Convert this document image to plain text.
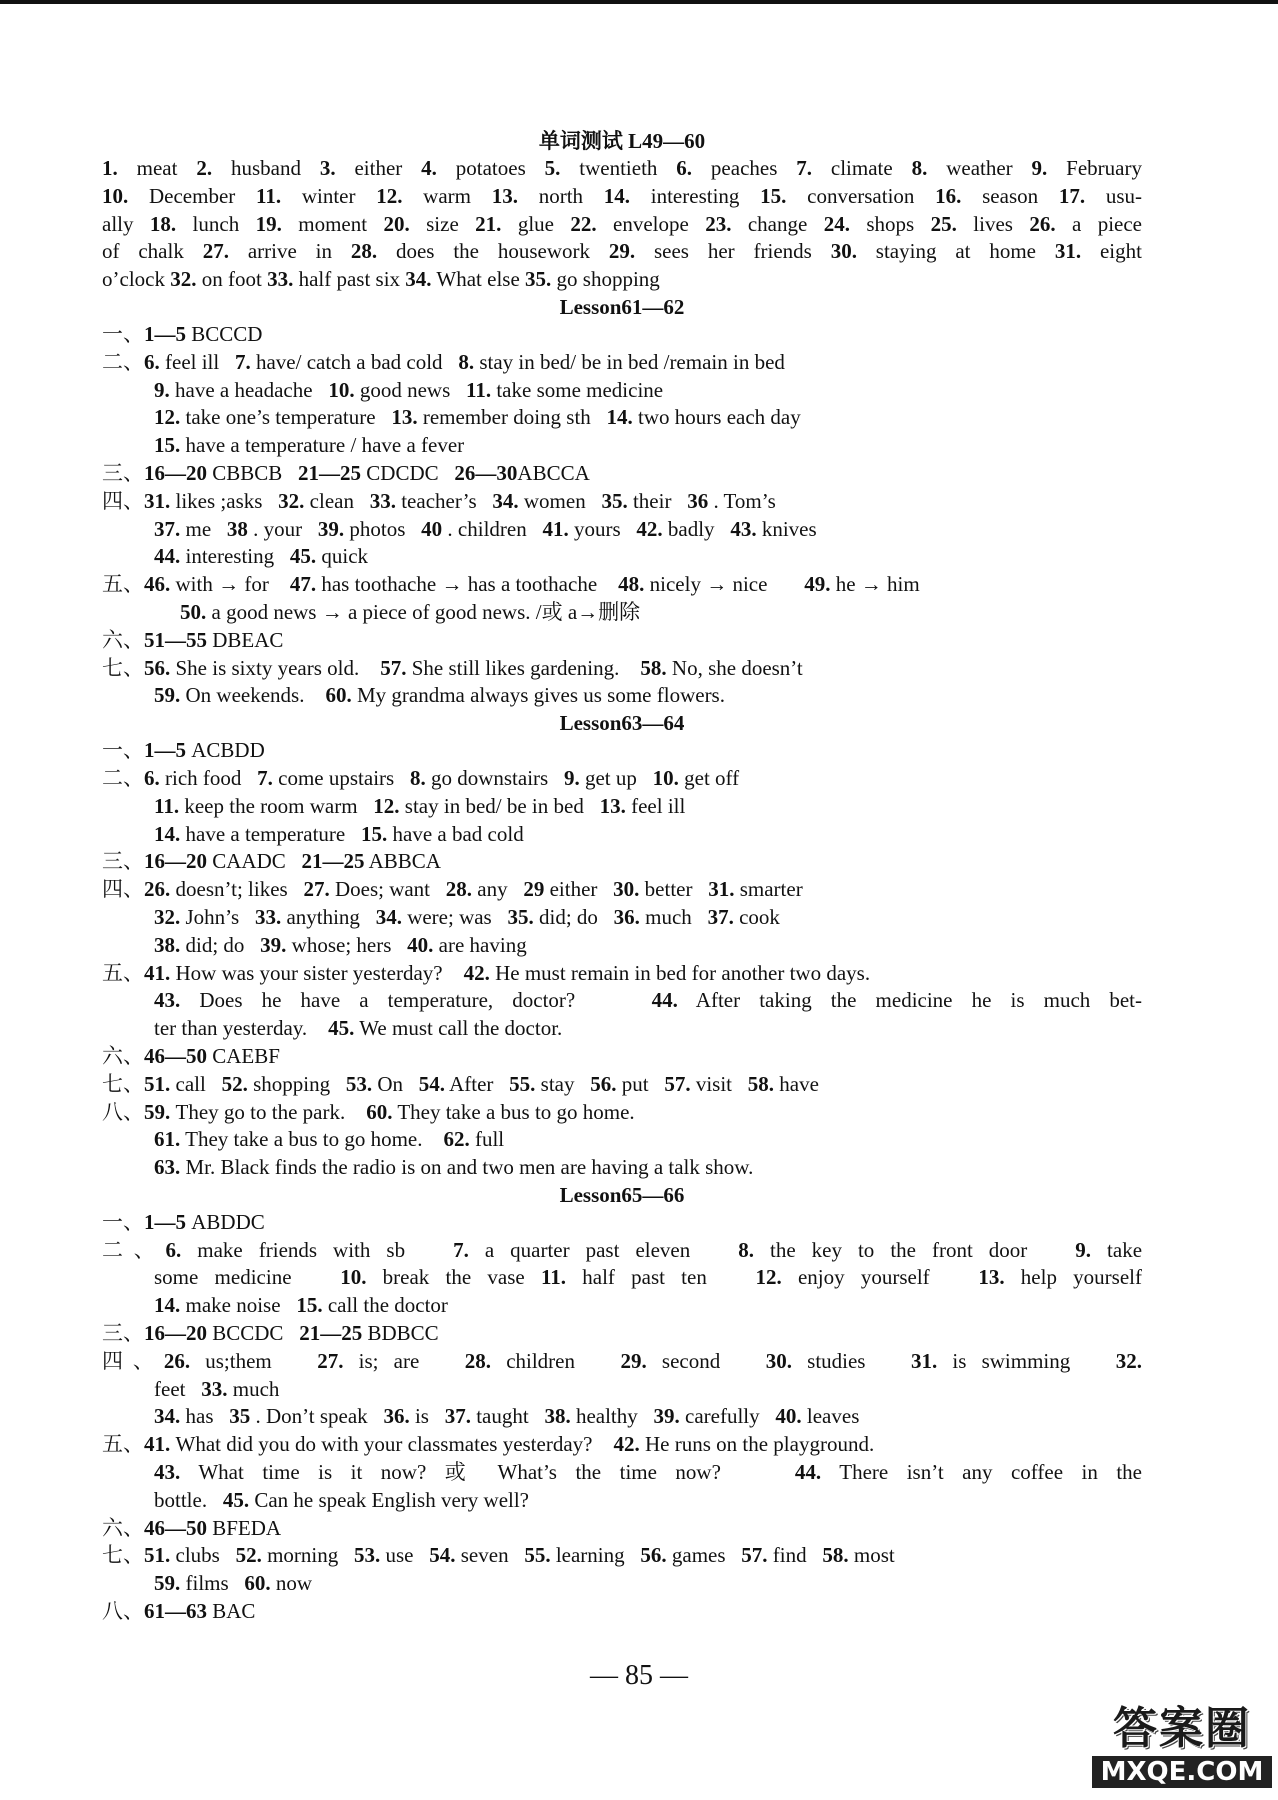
单词测试 L49—60
1. meat 2. husband 3. either 4. potatoes 5. twentieth 6. peaches 7. climate 8. weather 9. February
10. December 11. winter 12. warm 13. north 14. interesting 15. conversation 16. season 17. usu-
ally 18. lunch 19. moment 20. size 21. glue 22. envelope 23. change 24. shops 25. lives 26. a piece
of chalk 27. arrive in 28. does the housework 29. sees her friends 30. staying at home 31. eight
o’clock 32. on foot 33. half past six 34. What else 35. go shopping
Lesson61—62
一、1—5 BCCCD
二、6. feel ill   7. have/ catch a bad cold   8. stay in bed/ be in bed /remain in bed
9. have a headache   10. good news   11. take some medicine
12. take one’s temperature   13. remember doing sth   14. two hours each day
15. have a temperature / have a fever
三、16—20 CBBCB   21—25 CDCDC   26—30ABCCA
四、31. likes ;asks   32. clean   33. teacher’s   34. women   35. their   36 . Tom’s
37. me   38 . your   39. photos   40 . children   41. yours   42. badly   43. knives
44. interesting   45. quick
五、46. with → for    47. has toothache → has a toothache    48. nicely → nice       49. he → him
50. a good news → a piece of good news. /或 a→删除
六、51—55 DBEAC
七、56. She is sixty years old.    57. She still likes gardening.    58. No, she doesn’t
59. On weekends.    60. My grandma always gives us some flowers.
Lesson63—64
一、1—5 ACBDD
二、6. rich food   7. come upstairs   8. go downstairs   9. get up   10. get off
11. keep the room warm   12. stay in bed/ be in bed   13. feel ill
14. have a temperature   15. have a bad cold
三、16—20 CAADC   21—25 ABBCA
四、26. doesn’t; likes   27. Does; want   28. any   29 either   30. better   31. smarter
32. John’s   33. anything   34. were; was   35. did; do   36. much   37. cook
38. did; do   39. whose; hers   40. are having
五、41. How was your sister yesterday?    42. He must remain in bed for another two days.
43. Does he have a temperature, doctor?    44. After taking the medicine he is much bet-
ter than yesterday.    45. We must call the doctor.
六、46—50 CAEBF
七、51. call   52. shopping   53. On   54. After   55. stay   56. put   57. visit   58. have
八、59. They go to the park.    60. They take a bus to go home.
61. They take a bus to go home.    62. full
63. Mr. Black finds the radio is on and two men are having a talk show.
Lesson65—66
一、1—5 ABDDC
二、6. make friends with sb   7. a quarter past eleven   8. the key to the front door   9. take
some medicine   10. break the vase 11. half past ten   12. enjoy yourself   13. help yourself
14. make noise   15. call the doctor
三、16—20 BCCDC   21—25 BDBCC
四、26. us;them   27. is; are   28. children   29. second   30. studies   31. is swimming   32.
feet   33. much
34. has   35 . Don’t speak   36. is   37. taught   38. healthy   39. carefully   40. leaves
五、41. What did you do with your classmates yesterday?    42. He runs on the playground.
43. What time is it now? 或 What’s the time now?    44. There isn’t any coffee in the
bottle.   45. Can he speak English very well?
六、46—50 BFEDA
七、51. clubs   52. morning   53. use   54. seven   55. learning   56. games   57. find   58. most
59. films   60. now
八、61—63 BAC
— 85 —
答案圈
MXQE.COM
